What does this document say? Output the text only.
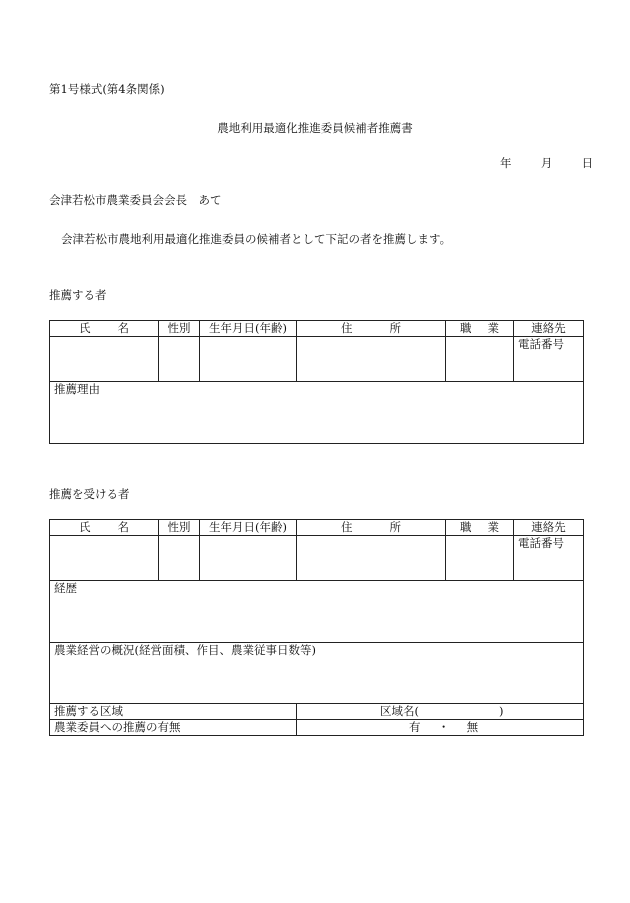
第1号様式(第4条関係)
農地利用最適化推進委員候補者推薦書
年	月	日
会津若松市農業委員会会長　あて
会津若松市農地利用最適化推進委員の候補者として下記の者を推薦します。
推薦する者
氏 名	性別	生年月日(年齢)	住 所	職 業	連絡先
					電話番号
推薦理由					
推薦を受ける者
氏 名	性別	生年月日(年齢)	住 所	職 業	連絡先
					電話番号
経歴					
農業経営の概況(経営面積、作目、農業従事日数等)					
推薦する区域			区域名( )		

農業委員への推薦の有無			有 ・ 無		
